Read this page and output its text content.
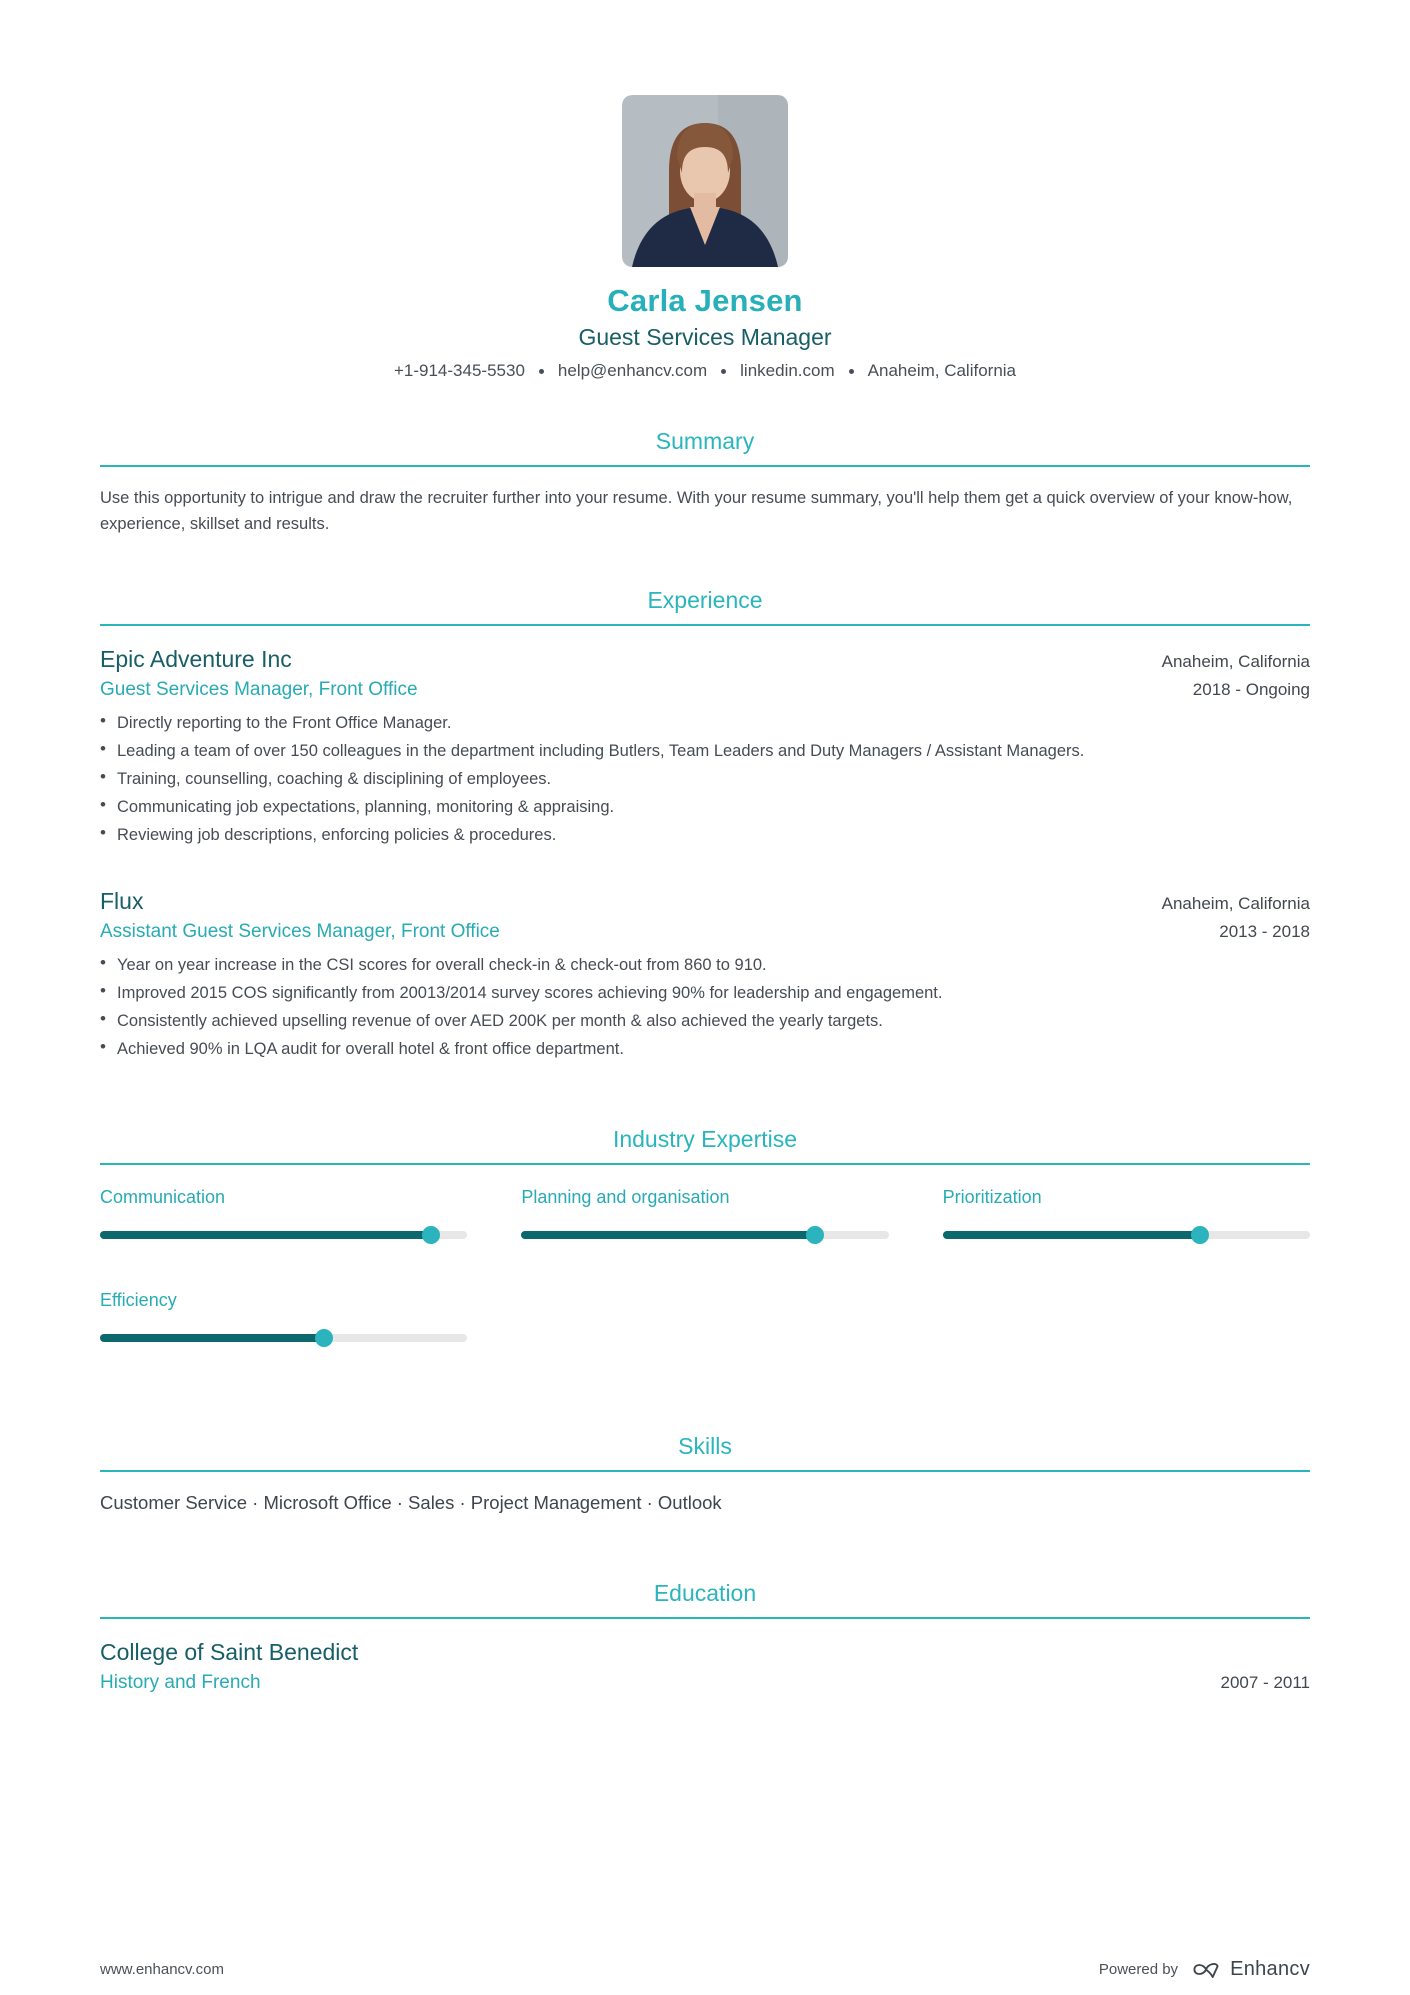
Carla Jensen
Guest Services Manager
+1-914-345-5530 help@enhancv.com linkedin.com Anaheim, California
Summary

Use this opportunity to intrigue and draw the recruiter further into your resume. With your resume summary, you'll help them get a quick overview of your know-how, experience, skillset and results.

Experience
Epic Adventure Inc	Anaheim, California
Guest Services Manager, Front Office	2018 - Ongoing
• Directly reporting to the Front Office Manager.
• Leading a team of over 150 colleagues in the department including Butlers, Team Leaders and Duty Managers / Assistant Managers.
• Training, counselling, coaching & disciplining of employees.
• Communicating job expectations, planning, monitoring & appraising.
• Reviewing job descriptions, enforcing policies & procedures.
Flux	Anaheim, California
Assistant Guest Services Manager, Front Office	2013 - 2018
• Year on year increase in the CSI scores for overall check-in & check-out from 860 to 910.
• Improved 2015 COS significantly from 20013/2014 survey scores achieving 90% for leadership and engagement.
• Consistently achieved upselling revenue of over AED 200K per month & also achieved the yearly targets.
• Achieved 90% in LQA audit for overall hotel & front office department.
Industry Expertise
Communication	Planning and organisation	Prioritization
Efficiency
Skills
Customer Service · Microsoft Office · Sales · Project Management · Outlook
Education
College of Saint Benedict
History and French	2007 - 2011
www.enhancv.com	Powered by	Enhancv
